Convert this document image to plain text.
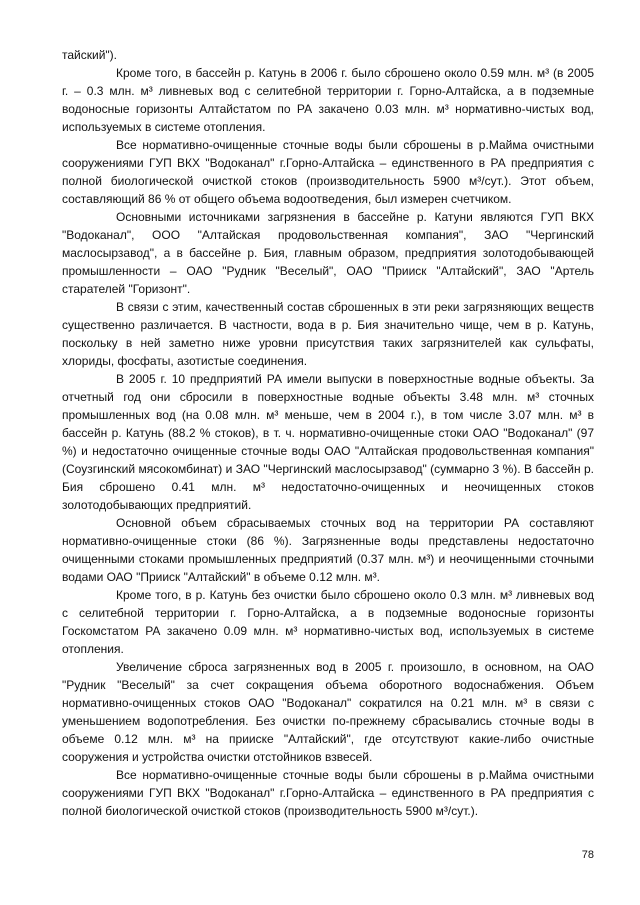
тайский").

Кроме того, в бассейн р. Катунь в 2006 г. было сброшено около 0.59 млн. м³ (в 2005 г. – 0.3 млн. м³ ливневых вод с селитебной территории г. Горно-Алтайска, а в подземные водоносные горизонты Алтайстатом по РА закачено 0.03 млн. м³ нормативно-чистых вод, используемых в системе отопления.

Все нормативно-очищенные сточные воды были сброшены в р.Майма очистными сооружениями ГУП ВКХ "Водоканал" г.Горно-Алтайска – единственного в РА предприятия с полной биологической очисткой стоков (производительность 5900 м³/сут.). Этот объем, составляющий 86 % от общего объема водоотведения, был измерен счетчиком.

Основными источниками загрязнения в бассейне р. Катуни являются ГУП ВКХ "Водоканал", ООО "Алтайская продовольственная компания", ЗАО "Чергинский маслосырзавод", а в бассейне р. Бия, главным образом, предприятия золотодобывающей промышленности – ОАО "Рудник "Веселый", ОАО "Прииск "Алтайский", ЗАО "Артель старателей "Горизонт".

В связи с этим, качественный состав сброшенных в эти реки загрязняющих веществ существенно различается. В частности, вода в р. Бия значительно чище, чем в р. Катунь, поскольку в ней заметно ниже уровни присутствия таких загрязнителей как сульфаты, хлориды, фосфаты, азотистые соединения.

В 2005 г. 10 предприятий РА имели выпуски в поверхностные водные объекты. За отчетный год они сбросили в поверхностные водные объекты 3.48 млн. м³ сточных промышленных вод (на 0.08 млн. м³ меньше, чем в 2004 г.), в том числе 3.07 млн. м³ в бассейн р. Катунь (88.2 % стоков), в т. ч. нормативно-очищенные стоки ОАО "Водоканал" (97 %) и недостаточно очищенные сточные воды ОАО "Алтайская продовольственная компания" (Соузгинский мясокомбинат) и ЗАО "Чергинский маслосырзавод" (суммарно 3 %). В бассейн р. Бия сброшено 0.41 млн. м³ недостаточно-очищенных и неочищенных стоков золотодобывающих предприятий.

Основной объем сбрасываемых сточных вод на территории РА составляют нормативно-очищенные стоки (86 %). Загрязненные воды представлены недостаточно очищенными стоками промышленных предприятий (0.37 млн. м³) и неочищенными сточными водами ОАО "Прииск "Алтайский" в объеме 0.12 млн. м³.

Кроме того, в р. Катунь без очистки было сброшено около 0.3 млн. м³ ливневых вод с селитебной территории г. Горно-Алтайска, а в подземные водоносные горизонты Госкомстатом РА закачено 0.09 млн. м³ нормативно-чистых вод, используемых в системе отопления.

Увеличение сброса загрязненных вод в 2005 г. произошло, в основном, на ОАО "Рудник "Веселый" за счет сокращения объема оборотного водоснабжения. Объем нормативно-очищенных стоков ОАО "Водоканал" сократился на 0.21 млн. м³ в связи с уменьшением водопотребления. Без очистки по-прежнему сбрасывались сточные воды в объеме 0.12 млн. м³ на прииске "Алтайский", где отсутствуют какие-либо очистные сооружения и устройства очистки отстойников взвесей.

Все нормативно-очищенные сточные воды были сброшены в р.Майма очистными сооружениями ГУП ВКХ "Водоканал" г.Горно-Алтайска – единственного в РА предприятия с полной биологической очисткой стоков (производительность 5900 м³/сут.).

78
